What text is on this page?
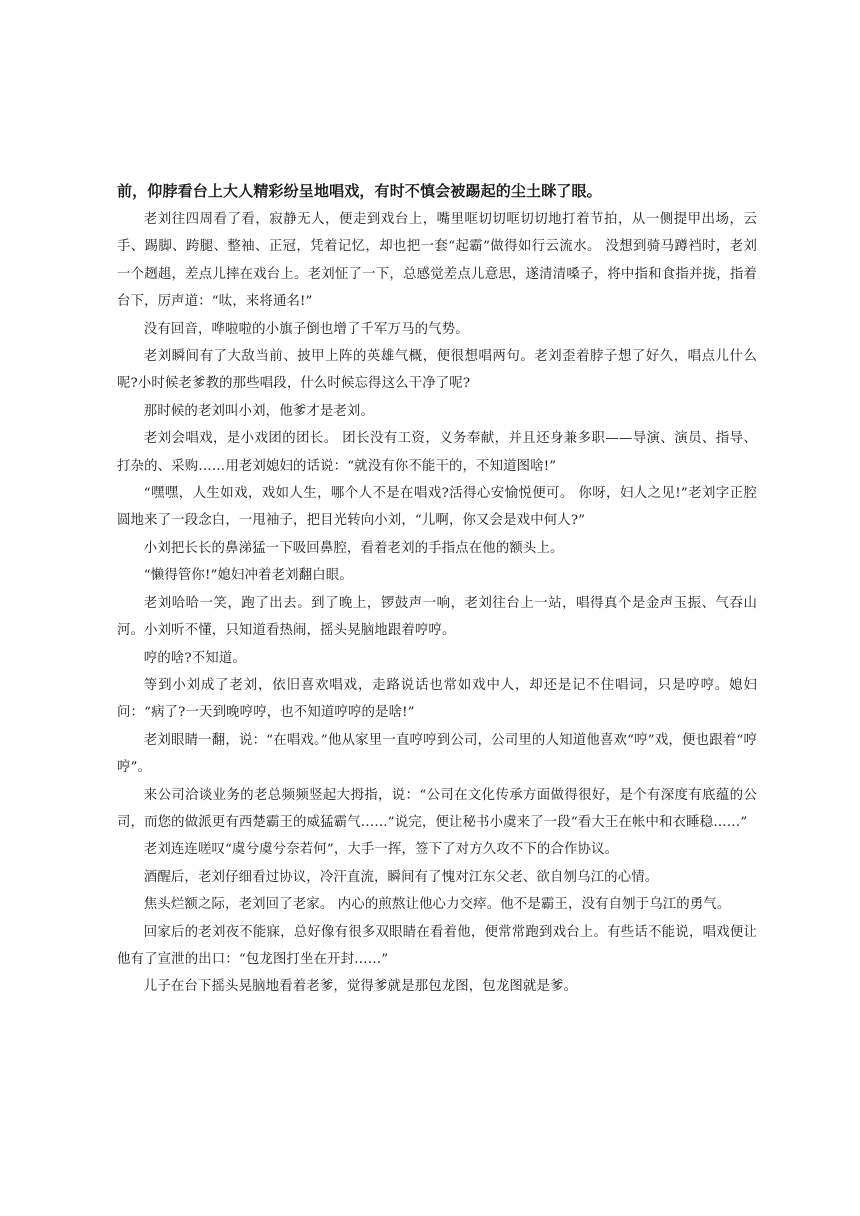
前，仰脖看台上大人精彩纷呈地唱戏，有时不慎会被踢起的尘土眯了眼。

老刘往四周看了看，寂静无人，便走到戏台上，嘴里哐切切哐切切地打着节拍，从一侧提甲出场，云手、踢脚、跨腿、整袖、正冠，凭着记忆，却也把一套“起霸”做得如行云流水。 没想到骑马蹲裆时，老刘一个趔趄，差点儿摔在戏台上。老刘怔了一下，总感觉差点儿意思，遂清清嗓子，将中指和食指并拢，指着台下，厉声道：“呔，来将通名!”

没有回音，哗啦啦的小旗子倒也增了千军万马的气势。

老刘瞬间有了大敌当前、披甲上阵的英雄气概，便很想唱两句。老刘歪着脖子想了好久，唱点儿什么呢?小时候老爹教的那些唱段，什么时候忘得这么干净了呢?

那时候的老刘叫小刘，他爹才是老刘。

老刘会唱戏，是小戏团的团长。 团长没有工资，义务奉献，并且还身兼多职——导演、演员、指导、打杂的、采购……用老刘媳妇的话说：“就没有你不能干的，不知道图啥!”

“嘿嘿，人生如戏，戏如人生，哪个人不是在唱戏?活得心安愉悦便可。 你呀，妇人之见!”老刘字正腔圆地来了一段念白，一甩袖子，把目光转向小刘，“儿啊，你又会是戏中何人?”

小刘把长长的鼻涕猛一下吸回鼻腔，看着老刘的手指点在他的额头上。

“懒得管你!”媳妇冲着老刘翻白眼。

老刘哈哈一笑，跑了出去。到了晚上，锣鼓声一响，老刘往台上一站，唱得真个是金声玉振、气吞山河。小刘听不懂，只知道看热闹，摇头晃脑地跟着哼哼。

哼的啥?不知道。

等到小刘成了老刘，依旧喜欢唱戏，走路说话也常如戏中人，却还是记不住唱词，只是哼哼。媳妇问：“病了?一天到晚哼哼，也不知道哼哼的是啥!”

老刘眼睛一翻，说：“在唱戏。”他从家里一直哼哼到公司，公司里的人知道他喜欢“哼”戏，便也跟着“哼哼”。

来公司洽谈业务的老总频频竖起大拇指，说：“公司在文化传承方面做得很好，是个有深度有底蕴的公司，而您的做派更有西楚霸王的威猛霸气……”说完，便让秘书小虞来了一段“看大王在帐中和衣睡稳……”

老刘连连嗟叹“虞兮虞兮奈若何”，大手一挥，签下了对方久攻不下的合作协议。

酒醒后，老刘仔细看过协议，冷汗直流，瞬间有了愧对江东父老、欲自刎乌江的心情。

焦头烂额之际，老刘回了老家。 内心的煎熬让他心力交瘁。他不是霸王，没有自刎于乌江的勇气。

回家后的老刘夜不能寐，总好像有很多双眼睛在看着他，便常常跑到戏台上。有些话不能说，唱戏便让他有了宣泄的出口：“包龙图打坐在开封……”

儿子在台下摇头晃脑地看着老爹，觉得爹就是那包龙图，包龙图就是爹。
